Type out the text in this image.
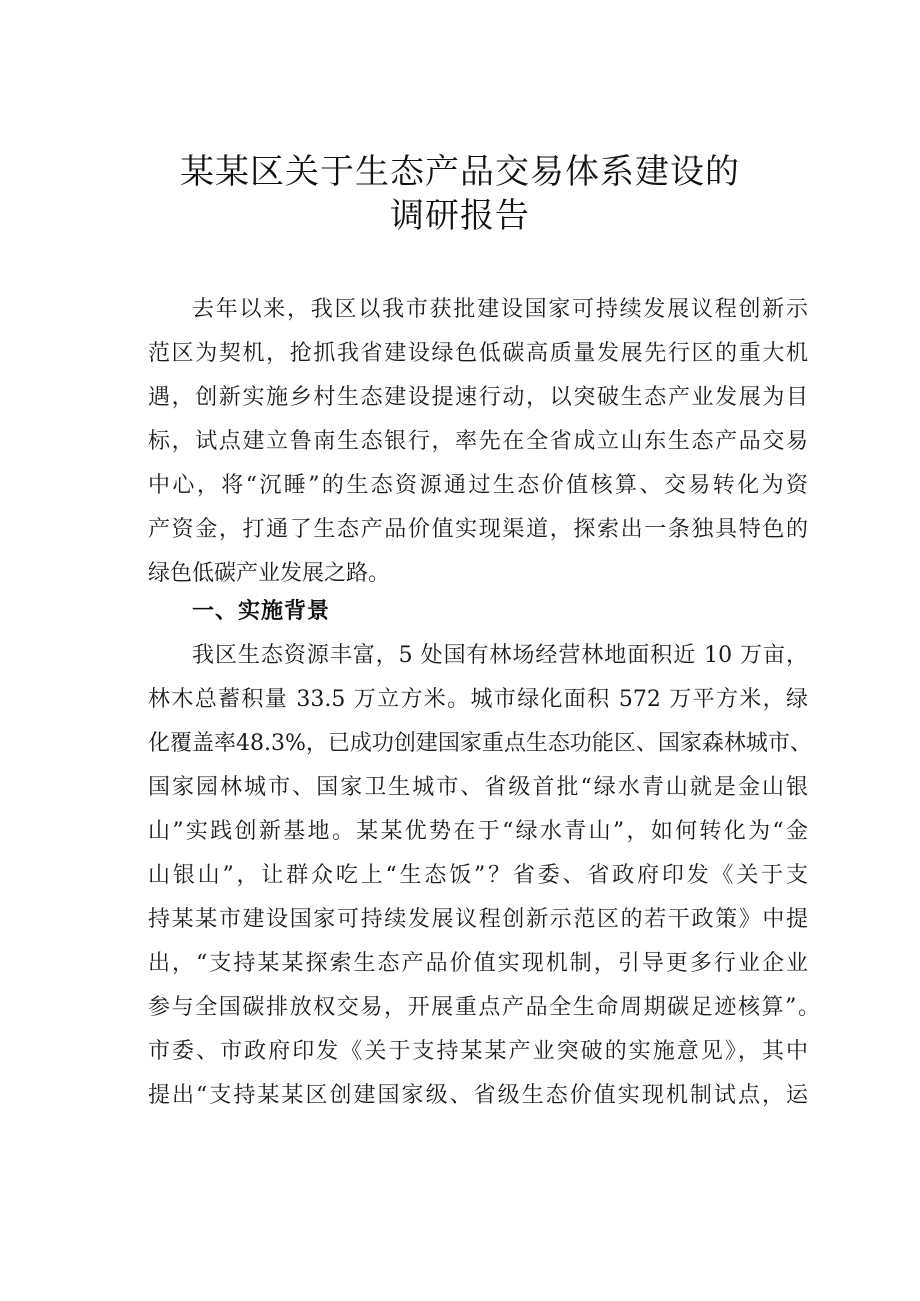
某某区关于生态产品交易体系建设的
调研报告
去年以来，我区以我市获批建设国家可持续发展议程创新示
范区为契机，抢抓我省建设绿色低碳高质量发展先行区的重大机
遇，创新实施乡村生态建设提速行动，以突破生态产业发展为目
标，试点建立鲁南生态银行，率先在全省成立山东生态产品交易
中心，将“沉睡”的生态资源通过生态价值核算、交易转化为资
产资金，打通了生态产品价值实现渠道，探索出一条独具特色的
绿色低碳产业发展之路。
一、实施背景
我区生态资源丰富，5 处国有林场经营林地面积近 10 万亩，
林木总蓄积量 33.5 万立方米。城市绿化面积 572 万平方米，绿
化覆盖率48.3%，已成功创建国家重点生态功能区、国家森林城市、
国家园林城市、国家卫生城市、省级首批“绿水青山就是金山银
山”实践创新基地。某某优势在于“绿水青山”，如何转化为“金
山银山”，让群众吃上“生态饭”？省委、省政府印发《关于支
持某某市建设国家可持续发展议程创新示范区的若干政策》中提
出，“支持某某探索生态产品价值实现机制，引导更多行业企业
参与全国碳排放权交易，开展重点产品全生命周期碳足迹核算”。
市委、市政府印发《关于支持某某产业突破的实施意见》，其中
提出“支持某某区创建国家级、省级生态价值实现机制试点，运
